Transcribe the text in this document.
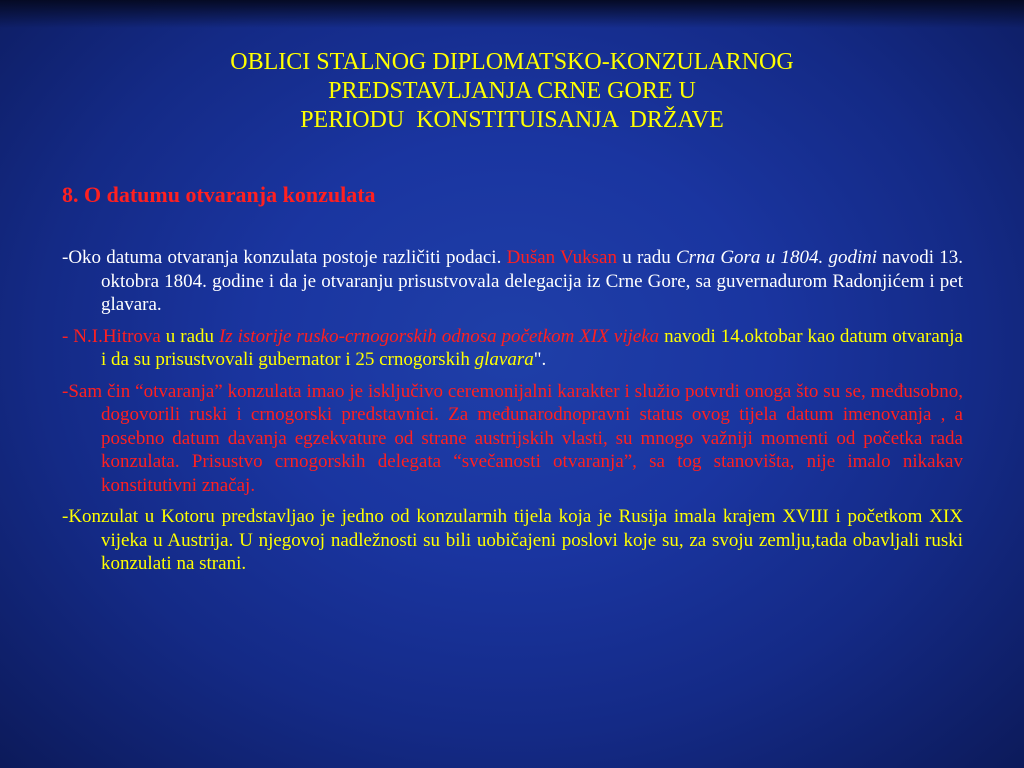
OBLICI STALNOG DIPLOMATSKO-KONZULARNOG
PREDSTAVLJANJA CRNE GORE U
PERIODU  KONSTITUISANJA  DRŽAVE
8. O datumu otvaranja konzulata

-Oko datuma otvaranja konzulata postoje različiti podaci. Dušan Vuksan u radu Crna Gora u 1804. godini navodi 13. oktobra 1804. godine i da je otvaranju prisustvovala delegacija iz Crne Gore, sa guvernadurom Radonjićem i pet glavara.

- N.I.Hitrova u radu Iz istorije rusko-crnogorskih odnosa početkom XIX vijeka navodi 14.oktobar kao datum otvaranja i da su prisustvovali gubernator i 25 crnogorskih glavara".

-Sam čin “otvaranja” konzulata imao je isključivo ceremonijalni karakter i služio potvrdi onoga što su se, međusobno, dogovorili ruski i crnogorski predstavnici. Za međunarodnopravni status ovog tijela datum imenovanja , a posebno datum davanja egzekvature od strane austrijskih vlasti, su mnogo važniji momenti od početka rada konzulata. Prisustvo crnogorskih delegata “svečanosti otvaranja”, sa tog stanovišta, nije imalo nikakav konstitutivni značaj.

-Konzulat u Kotoru predstavljao je jedno od konzularnih tijela koja je Rusija imala krajem XVIII i početkom XIX vijeka u Austrija. U njegovoj nadležnosti su bili uobičajeni poslovi koje su, za svoju zemlju,tada obavljali ruski konzulati na strani.
